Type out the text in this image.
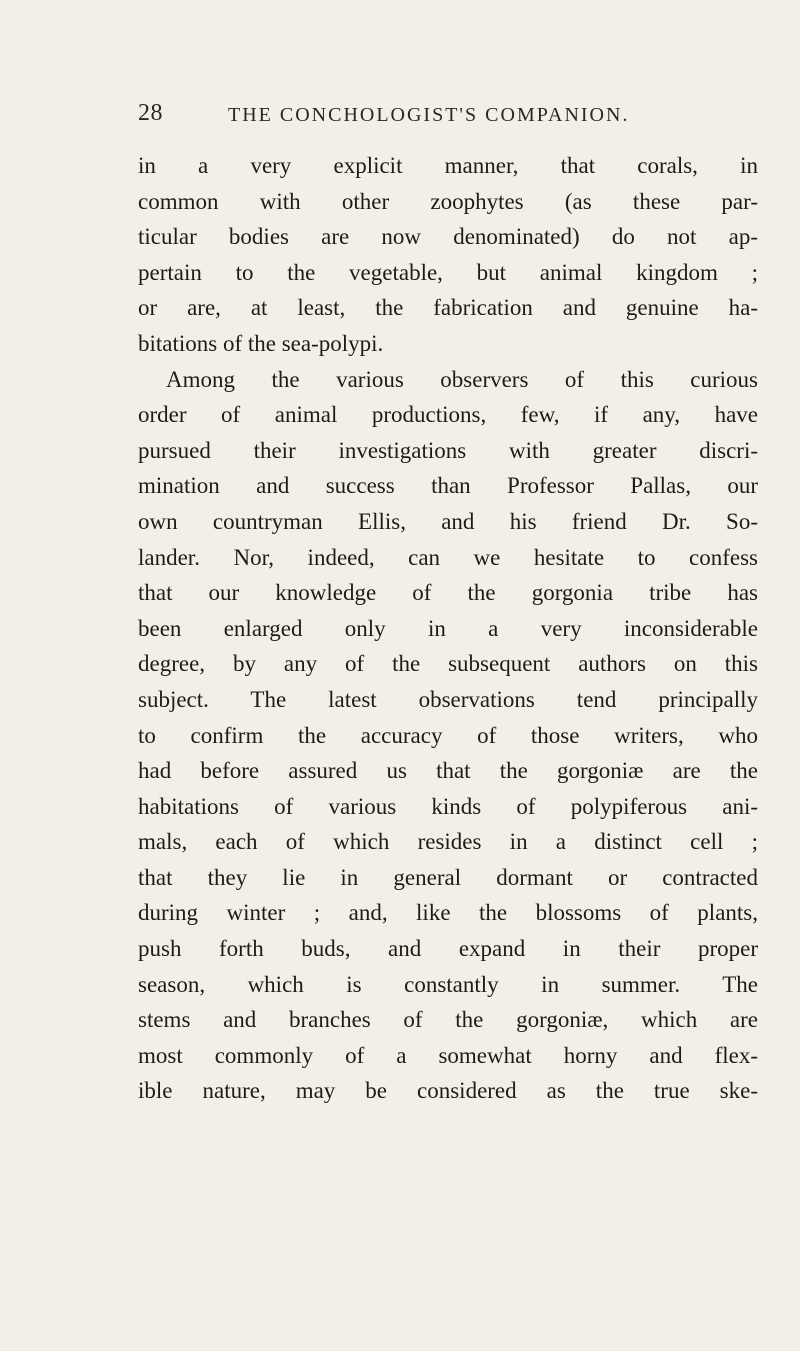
28	THE CONCHOLOGIST'S COMPANION.
in a very explicit manner, that corals, in
common with other zoophytes (as these par-
ticular bodies are now denominated) do not ap-
pertain to the vegetable, but animal kingdom ;
or are, at least, the fabrication and genuine ha-
bitations of the sea-polypi.
Among the various observers of this curious
order of animal productions, few, if any, have
pursued their investigations with greater discri-
mination and success than Professor Pallas, our
own countryman Ellis, and his friend Dr. So-
lander. Nor, indeed, can we hesitate to confess
that our knowledge of the gorgonia tribe has
been enlarged only in a very inconsiderable
degree, by any of the subsequent authors on this
subject. The latest observations tend principally
to confirm the accuracy of those writers, who
had before assured us that the gorgoniæ are the
habitations of various kinds of polypiferous ani-
mals, each of which resides in a distinct cell ;
that they lie in general dormant or contracted
during winter ; and, like the blossoms of plants,
push forth buds, and expand in their proper
season, which is constantly in summer. The
stems and branches of the gorgoniæ, which are
most commonly of a somewhat horny and flex-
ible nature, may be considered as the true ske-
